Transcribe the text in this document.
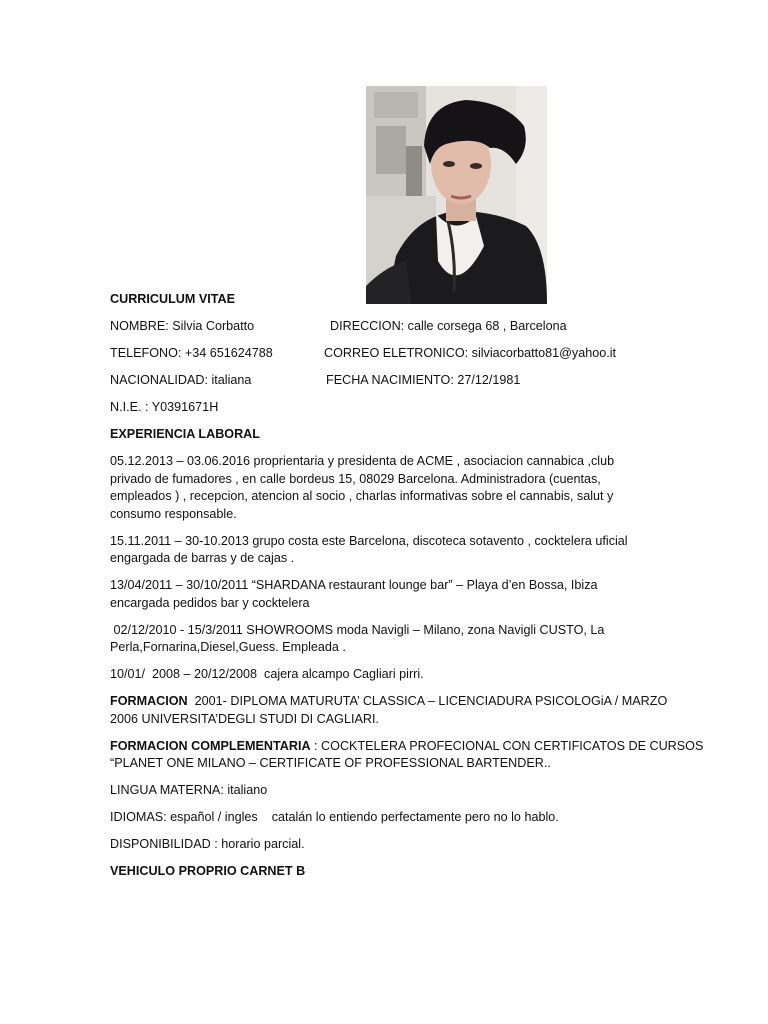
CURRICULUM VITAE
NOMBRE: Silvia Corbatto	DIRECCION: calle corsega 68 , Barcelona
TELEFONO: +34 651624788	CORREO ELETRONICO: silviacorbatto81@yahoo.it
NACIONALIDAD: italiana	FECHA NACIMIENTO: 27/12/1981
N.I.E. : Y0391671H
EXPERIENCIA LABORAL
05.12.2013 – 03.06.2016 proprientaria y presidenta de ACME , asociacion cannabica ,club
privado de fumadores , en calle bordeus 15, 08029 Barcelona. Administradora (cuentas,
empleados ) , recepcion, atencion al socio , charlas informativas sobre el cannabis, salut y
consumo responsable.
15.11.2011 – 30-10.2013 grupo costa este Barcelona, discoteca sotavento , cocktelera uficial
engargada de barras y de cajas .
13/04/2011 – 30/10/2011 “SHARDANA restaurant lounge bar” – Playa d’en Bossa, Ibiza
encargada pedidos bar y cocktelera
02/12/2010 - 15/3/2011 SHOWROOMS moda Navigli – Milano, zona Navigli CUSTO, La
Perla,Fornarina,Diesel,Guess. Empleada .
10/01/  2008 – 20/12/2008  cajera alcampo Cagliari pirri.
FORMACION  2001- DIPLOMA MATURUTA’ CLASSICA – LICENCIADURA PSICOLOGiA / MARZO
2006 UNIVERSITA’DEGLI STUDI DI CAGLIARI.
FORMACION COMPLEMENTARIA : COCKTELERA PROFECIONAL CON CERTIFICATOS DE CURSOS
“PLANET ONE MILANO – CERTIFICATE OF PROFESSIONAL BARTENDER..
LINGUA MATERNA: italiano
IDIOMAS: español / ingles    catalán lo entiendo perfectamente pero no lo hablo.
DISPONIBILIDAD : horario parcial.
VEHICULO PROPRIO CARNET B
